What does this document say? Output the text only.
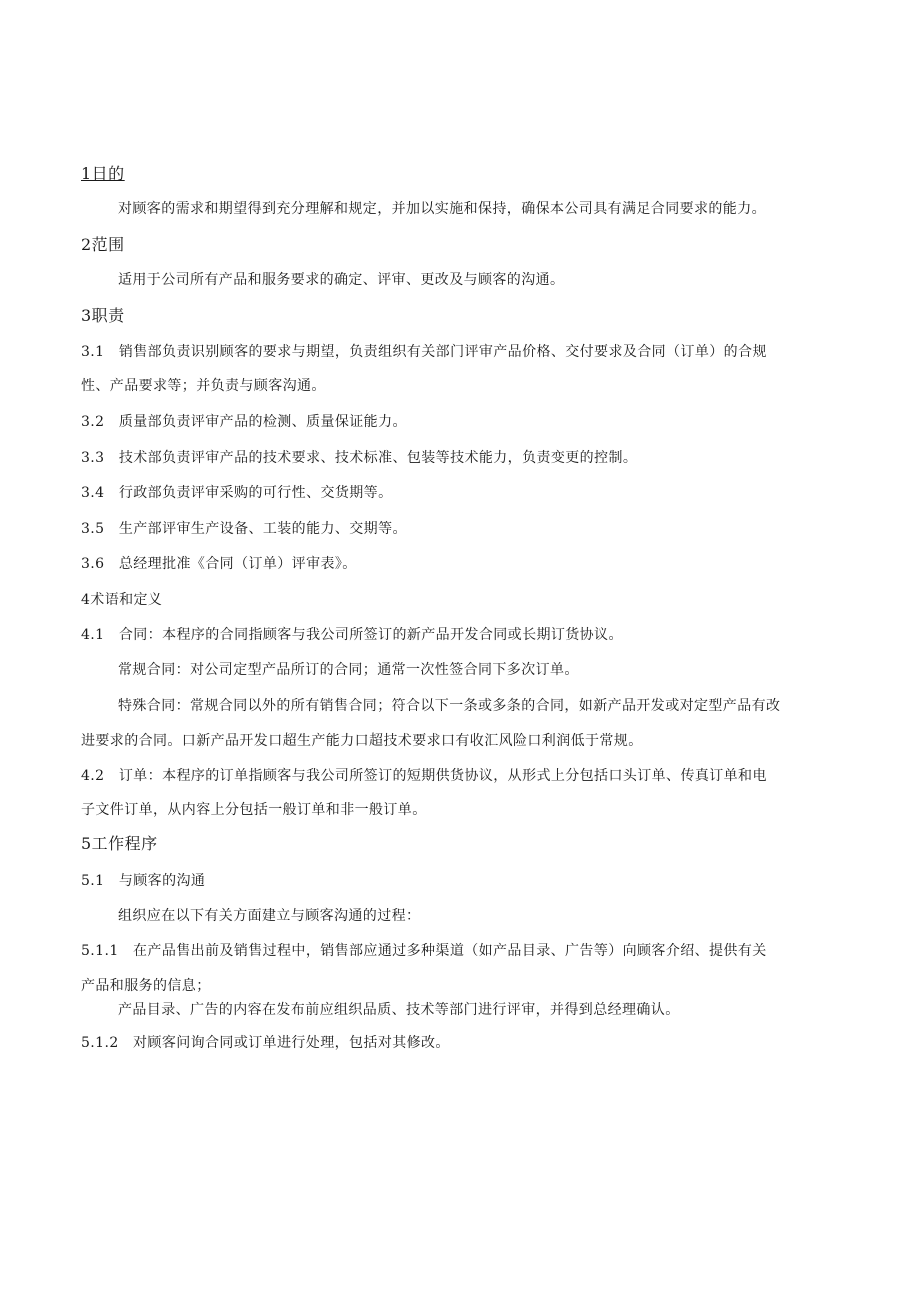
1日的
对顾客的需求和期望得到充分理解和规定，并加以实施和保持，确保本公司具有满足合同要求的能力。
2范围
适用于公司所有产品和服务要求的确定、评审、更改及与顾客的沟通。
3职责
3.1　销售部负责识别顾客的要求与期望，负责组织有关部门评审产品价格、交付要求及合同（订单）的合规
性、产品要求等；并负责与顾客沟通。
3.2　质量部负责评审产品的检测、质量保证能力。
3.3　技术部负责评审产品的技术要求、技术标准、包装等技术能力，负责变更的控制。
3.4　行政部负责评审采购的可行性、交货期等。
3.5　生产部评审生产设备、工装的能力、交期等。
3.6　总经理批准《合同（订单）评审表》。
4术语和定义
4.1　合同：本程序的合同指顾客与我公司所签订的新产品开发合同或长期订货协议。
常规合同：对公司定型产品所订的合同；通常一次性签合同下多次订单。
特殊合同：常规合同以外的所有销售合同；符合以下一条或多条的合同，如新产品开发或对定型产品有改
进要求的合同。口新产品开发口超生产能力口超技术要求口有收汇风险口利润低于常规。
4.2　订单：本程序的订单指顾客与我公司所签订的短期供货协议，从形式上分包括口头订单、传真订单和电
子文件订单，从内容上分包括一般订单和非一般订单。
5工作程序
5.1　与顾客的沟通
组织应在以下有关方面建立与顾客沟通的过程：
5.1.1　在产品售出前及销售过程中，销售部应通过多种渠道（如产品目录、广告等）向顾客介绍、提供有关
产品和服务的信息；
产品目录、广告的内容在发布前应组织品质、技术等部门进行评审，并得到总经理确认。
5.1.2　对顾客问询合同或订单进行处理，包括对其修改。
